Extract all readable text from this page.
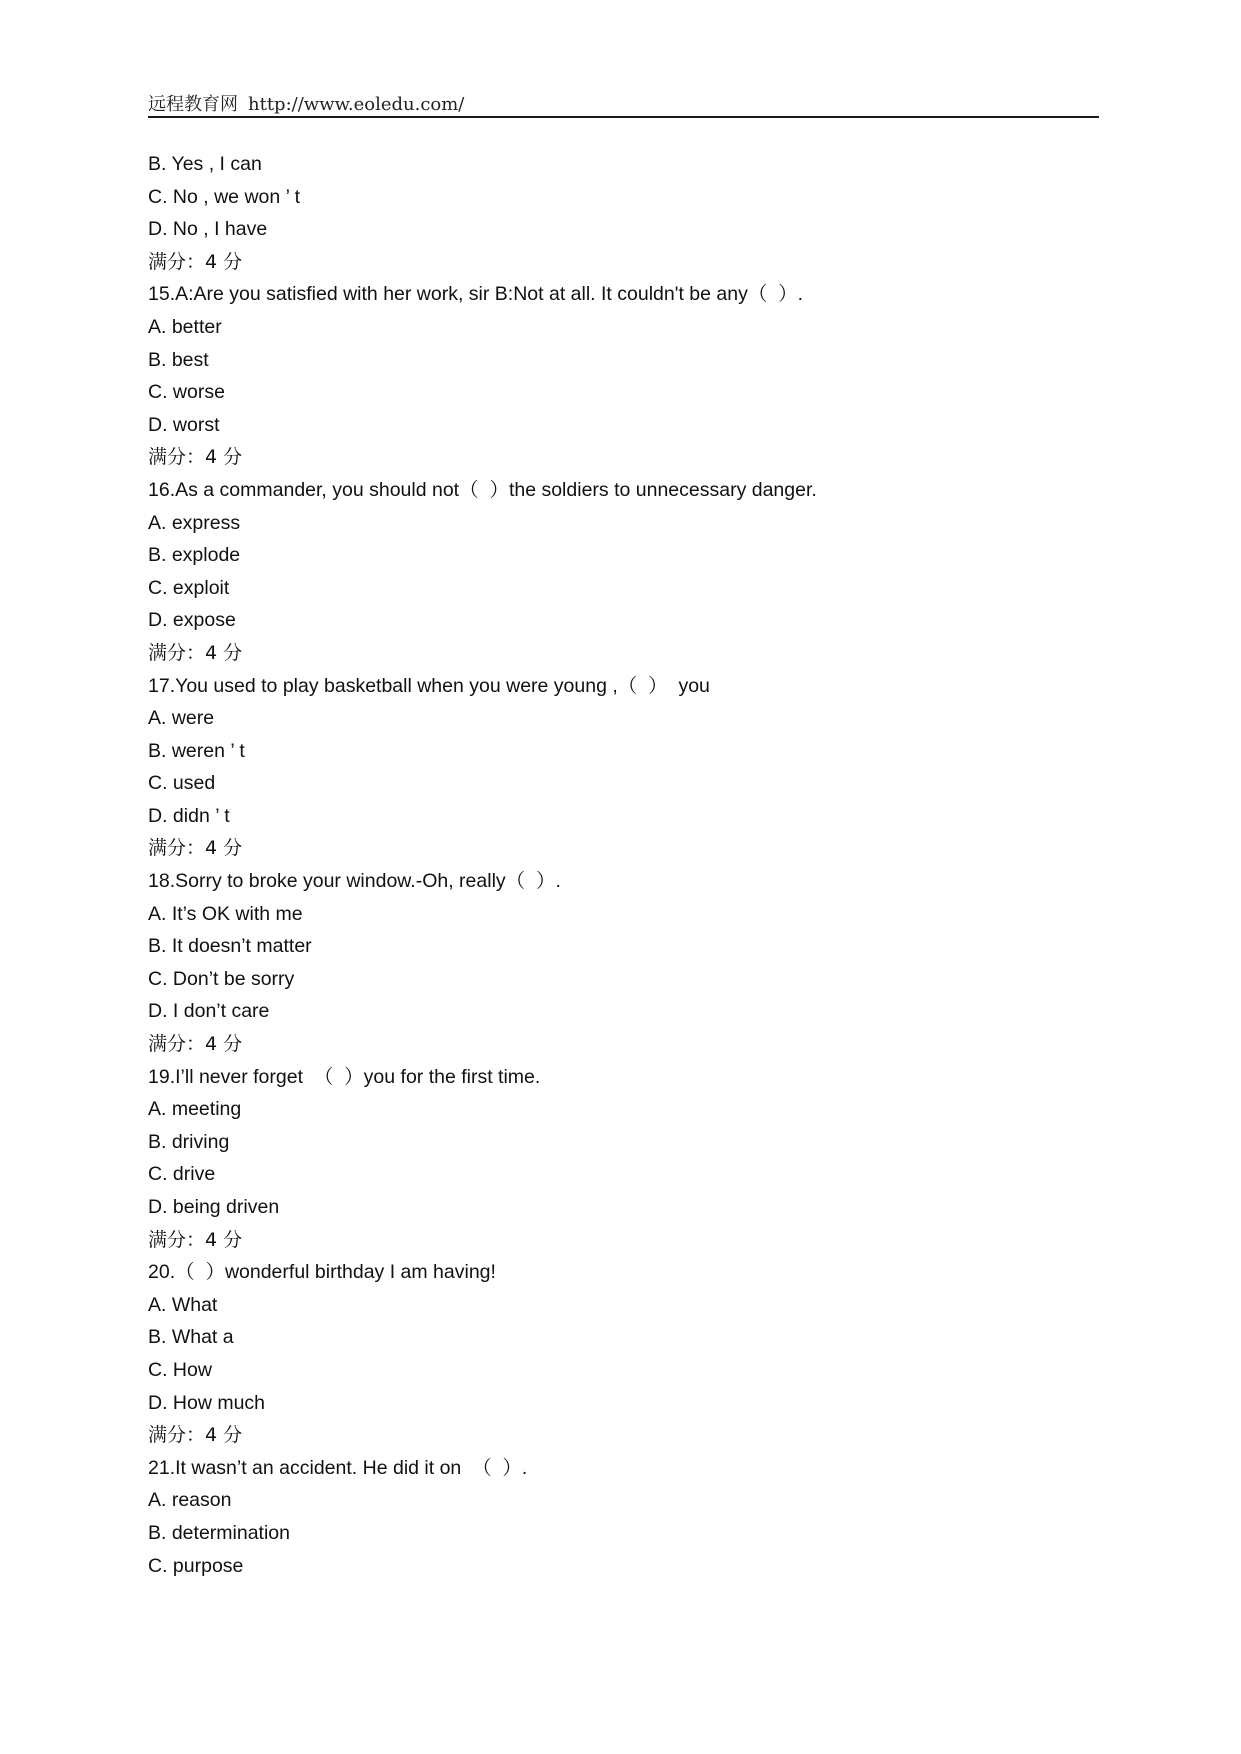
远程教育网 http://www.eoledu.com/
B. Yes , I can
C. No , we won ’ t
D. No , I have
满分：4 分
15.A:Are you satisfied with her work, sir B:Not at all. It couldn't be any（  ）.
A. better
B. best
C. worse
D. worst
满分：4 分
16.As a commander, you should not（  ）the soldiers to unnecessary danger.
A. express
B. explode
C. exploit
D. expose
满分：4 分
17.You used to play basketball when you were young ,（  ）  you
A. were
B. weren ’ t
C. used
D. didn ’ t
满分：4 分
18.Sorry to broke your window.-Oh, really（  ）.
A. It’s OK with me
B. It doesn’t matter
C. Don’t be sorry
D. I don’t care
满分：4 分
19.I’ll never forget  （  ）you for the first time.
A. meeting
B. driving
C. drive
D. being driven
满分：4 分
20.（  ）wonderful birthday I am having!
A. What
B. What a
C. How
D. How much
满分：4 分
21.It wasn’t an accident. He did it on  （  ）.
A. reason
B. determination
C. purpose
